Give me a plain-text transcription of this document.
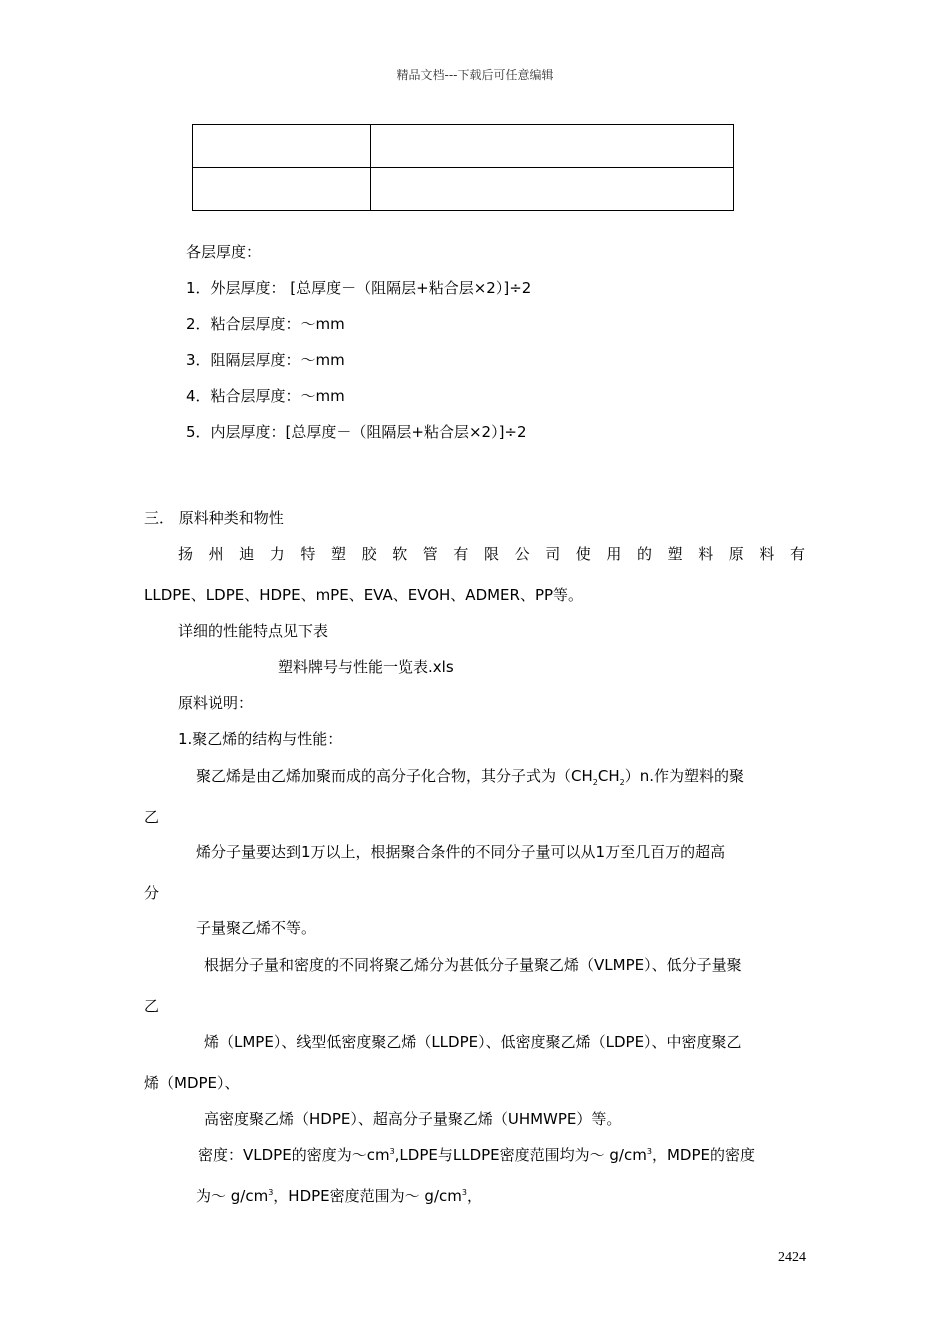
精品文档---下载后可任意编辑

各层厚度：
1．外层厚度： [总厚度－（阻隔层+粘合层×2）]÷2
2．粘合层厚度：～mm
3．阻隔层厚度：～mm
4．粘合层厚度：～mm
5．内层厚度：[总厚度－（阻隔层+粘合层×2）]÷2
三． 原料种类和物性
扬州迪力特塑胶软管有限公司使用的塑料原料有
LLDPE、LDPE、HDPE、mPE、EVA、EVOH、ADMER、PP等。
详细的性能特点见下表
塑料牌号与性能一览表.xls
原料说明：
1.聚乙烯的结构与性能：
聚乙烯是由乙烯加聚而成的高分子化合物，其分子式为$(CH_2CH_2)n$.作为塑料的聚
乙
烯分子量要达到1万以上，根据聚合条件的不同分子量可以从1万至几百万的超高
分
子量聚乙烯不等。
根据分子量和密度的不同将聚乙烯分为甚低分子量聚乙烯（VLMPE）、低分子量聚
乙
烯（LMPE）、线型低密度聚乙烯（LLDPE）、低密度聚乙烯（LDPE）、中密度聚乙
烯（MDPE）、
高密度聚乙烯（HDPE）、超高分子量聚乙烯（UHMWPE）等。
密度：VLDPE的密度为$\sim cm^3,LDPE$与LLDPE密度范围均为～ $g/cm^3$，MDPE的密度
为～ $g/cm^3$，HDPE密度范围为～ $g/cm^3$，
2424
